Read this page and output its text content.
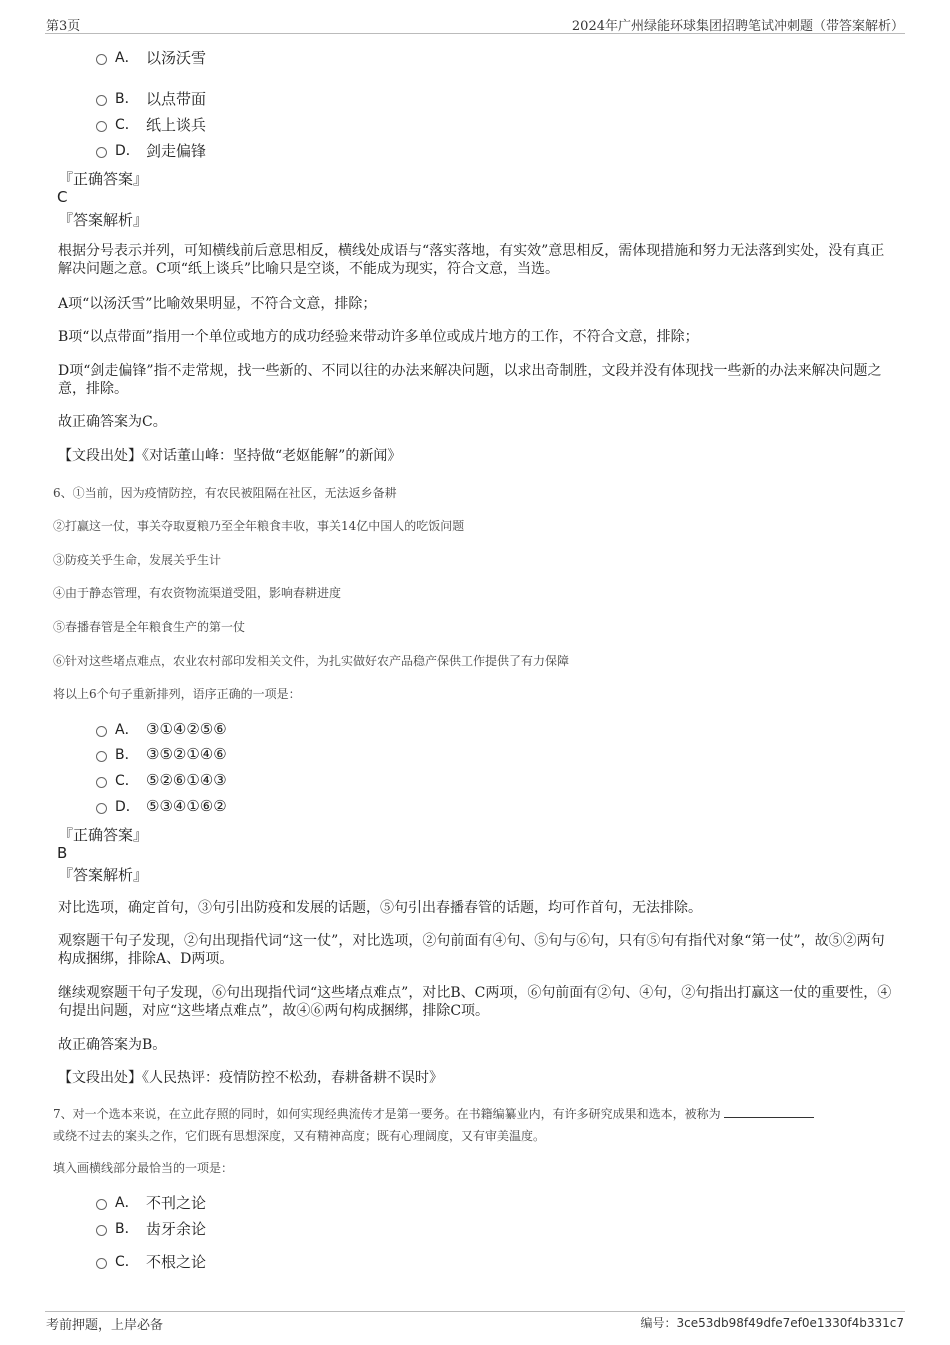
第3页	2024年广州绿能环球集团招聘笔试冲刺题（带答案解析）
A． 以汤沃雪
B． 以点带面
C． 纸上谈兵
D． 剑走偏锋
『正确答案』
C
『答案解析』
根据分号表示并列，可知横线前后意思相反，横线处成语与“落实落地，有实效”意思相反，需体现措施和努力无法落到实处，没有真正解决问题之意。C项“纸上谈兵”比喻只是空谈，不能成为现实，符合文意，当选。
A项“以汤沃雪”比喻效果明显，不符合文意，排除；
B项“以点带面”指用一个单位或地方的成功经验来带动许多单位或成片地方的工作，不符合文意，排除；
D项“剑走偏锋”指不走常规，找一些新的、不同以往的办法来解决问题，以求出奇制胜，文段并没有体现找一些新的办法来解决问题之意，排除。
故正确答案为C。
【文段出处】《对话董山峰：坚持做“老妪能解”的新闻》
6、①当前，因为疫情防控，有农民被阻隔在社区，无法返乡备耕
②打赢这一仗，事关夺取夏粮乃至全年粮食丰收，事关14亿中国人的吃饭问题
③防疫关乎生命，发展关乎生计
④由于静态管理，有农资物流渠道受阻，影响春耕进度
⑤春播春管是全年粮食生产的第一仗
⑥针对这些堵点难点，农业农村部印发相关文件，为扎实做好农产品稳产保供工作提供了有力保障
将以上6个句子重新排列，语序正确的一项是：
A． ③①④②⑤⑥
B． ③⑤②①④⑥
C． ⑤②⑥①④③
D． ⑤③④①⑥②
『正确答案』
B
『答案解析』
对比选项，确定首句，③句引出防疫和发展的话题，⑤句引出春播春管的话题，均可作首句，无法排除。
观察题干句子发现，②句出现指代词“这一仗”，对比选项，②句前面有④句、⑤句与⑥句，只有⑤句有指代对象“第一仗”，故⑤②两句构成捆绑，排除A、D两项。
继续观察题干句子发现，⑥句出现指代词“这些堵点难点”，对比B、C两项，⑥句前面有②句、④句，②句指出打赢这一仗的重要性，④句提出问题，对应“这些堵点难点”，故④⑥两句构成捆绑，排除C项。
故正确答案为B。
【文段出处】《人民热评：疫情防控不松劲，春耕备耕不误时》
7、对一个选本来说，在立此存照的同时，如何实现经典流传才是第一要务。在书籍编纂业内，有许多研究成果和选本，被称为
或绕不过去的案头之作，它们既有思想深度，又有精神高度；既有心理阔度，又有审美温度。
填入画横线部分最恰当的一项是：
A． 不刊之论
B． 齿牙余论
C． 不根之论
考前押题，上岸必备	编号：3ce53db98f49dfe7ef0e1330f4b331c7
